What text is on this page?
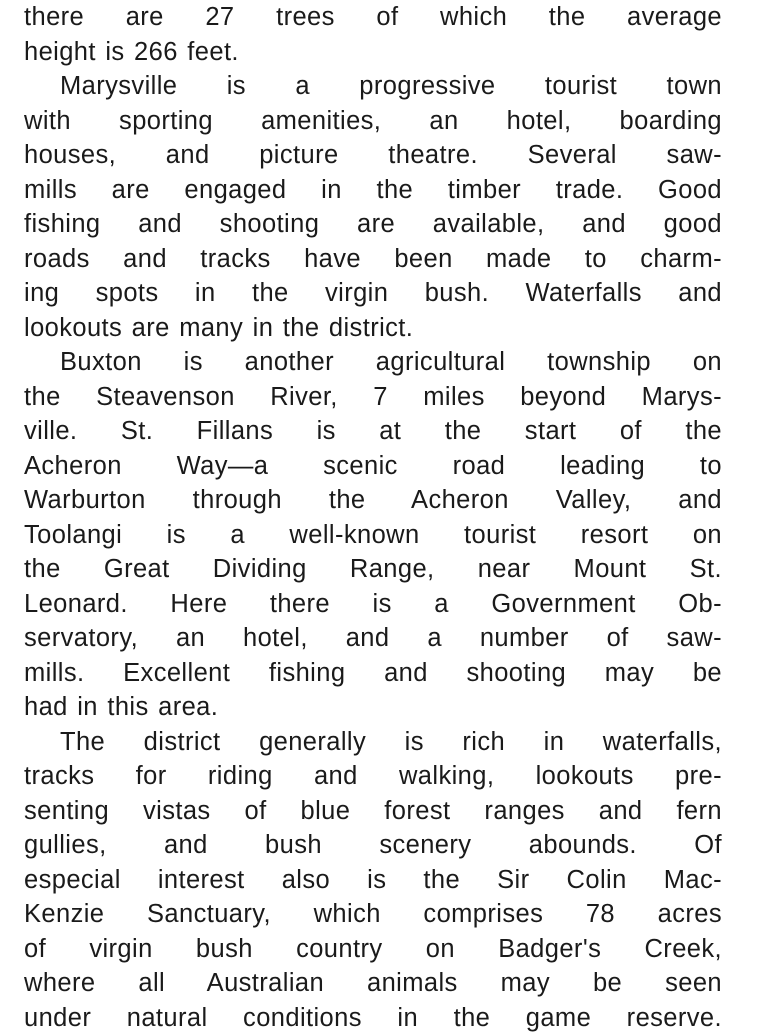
there are 27 trees of which the average
height is 266 feet.
Marysville is a progressive tourist town
with sporting amenities, an hotel, boarding
houses, and picture theatre. Several saw-
mills are engaged in the timber trade. Good
fishing and shooting are available, and good
roads and tracks have been made to charm-
ing spots in the virgin bush. Waterfalls and
lookouts are many in the district.
Buxton is another agricultural township on
the Steavenson River, 7 miles beyond Marys-
ville. St. Fillans is at the start of the
Acheron Way—a scenic road leading to
Warburton through the Acheron Valley, and
Toolangi is a well-known tourist resort on
the Great Dividing Range, near Mount St.
Leonard. Here there is a Government Ob-
servatory, an hotel, and a number of saw-
mills. Excellent fishing and shooting may be
had in this area.
The district generally is rich in waterfalls,
tracks for riding and walking, lookouts pre-
senting vistas of blue forest ranges and fern
gullies, and bush scenery abounds. Of
especial interest also is the Sir Colin Mac-
Kenzie Sanctuary, which comprises 78 acres
of virgin bush country on Badger's Creek,
where all Australian animals may be seen
under natural conditions in the game reserve.
